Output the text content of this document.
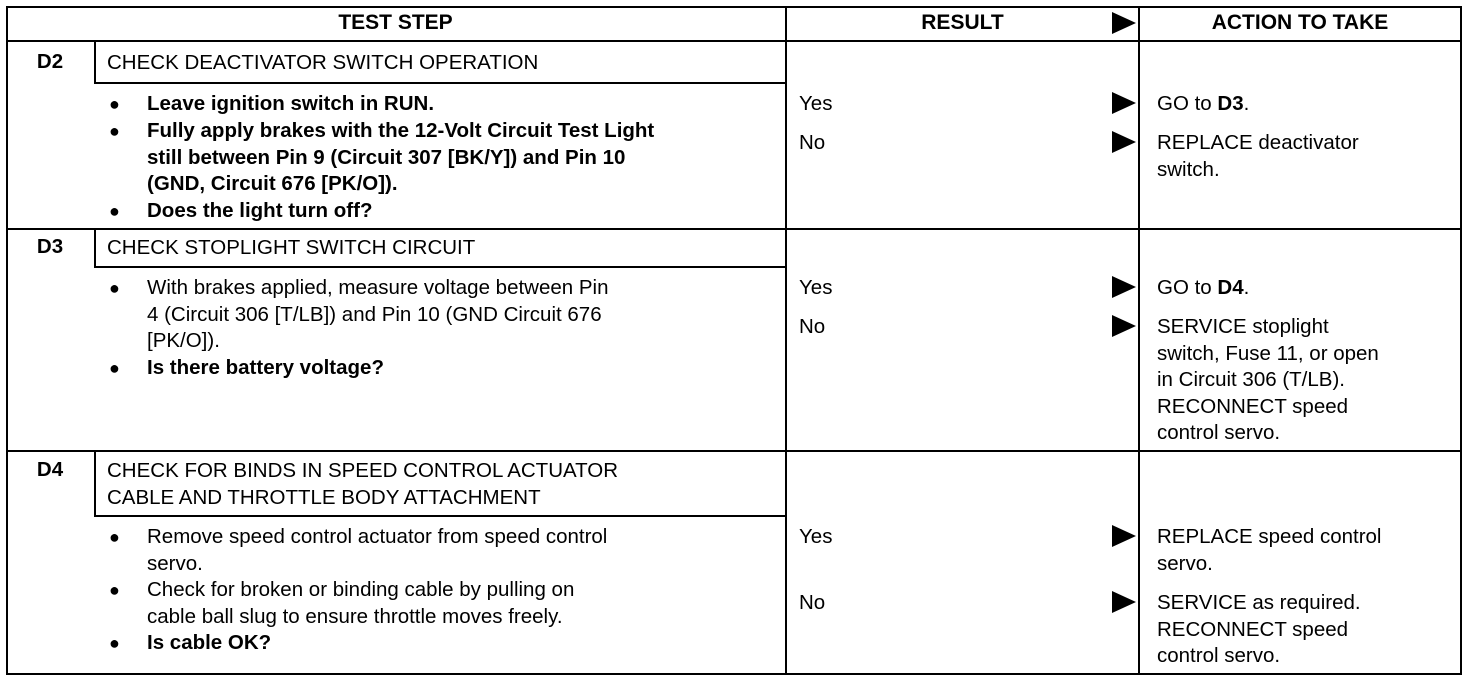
TEST STEP	RESULT	ACTION TO TAKE
D2	CHECK DEACTIVATOR SWITCH OPERATION
● Leave ignition switch in RUN.
● Fully apply brakes with the 12-Volt Circuit Test Light
still between Pin 9 (Circuit 307 [BK/Y]) and Pin 10
(GND, Circuit 676 [PK/O]).
● Does the light turn off?
Yes	GO to D3.
No	REPLACE deactivator
switch.
D3	CHECK STOPLIGHT SWITCH CIRCUIT
● With brakes applied, measure voltage between Pin
4 (Circuit 306 [T/LB]) and Pin 10 (GND Circuit 676
[PK/O]).
● Is there battery voltage?
Yes	GO to D4.
No	SERVICE stoplight
switch, Fuse 11, or open
in Circuit 306 (T/LB).
RECONNECT speed
control servo.
D4	CHECK FOR BINDS IN SPEED CONTROL ACTUATOR
CABLE AND THROTTLE BODY ATTACHMENT
● Remove speed control actuator from speed control
servo.
● Check for broken or binding cable by pulling on
cable ball slug to ensure throttle moves freely.
● Is cable OK?
Yes	REPLACE speed control
servo.
No	SERVICE as required.
RECONNECT speed
control servo.
